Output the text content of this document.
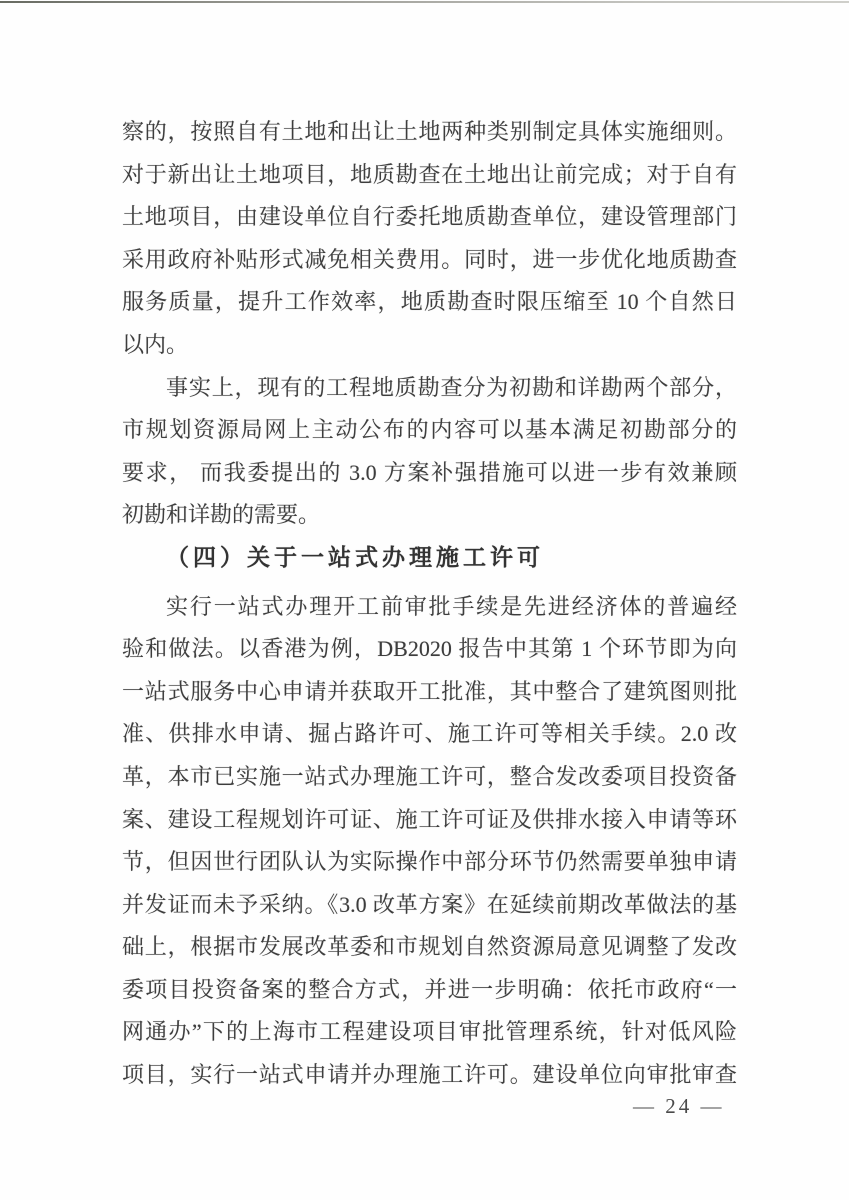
察的，按照自有土地和出让土地两种类别制定具体实施细则。
对于新出让土地项目，地质勘查在土地出让前完成；对于自有
土地项目，由建设单位自行委托地质勘查单位，建设管理部门
采用政府补贴形式减免相关费用。同时，进一步优化地质勘查
服务质量，提升工作效率，地质勘查时限压缩至 10 个自然日
以内。
事实上，现有的工程地质勘查分为初勘和详勘两个部分，
市规划资源局网上主动公布的内容可以基本满足初勘部分的
要求， 而我委提出的 3.0 方案补强措施可以进一步有效兼顾
初勘和详勘的需要。
（四）关于一站式办理施工许可
实行一站式办理开工前审批手续是先进经济体的普遍经
验和做法。以香港为例，DB2020 报告中其第 1 个环节即为向
一站式服务中心申请并获取开工批准，其中整合了建筑图则批
准、供排水申请、掘占路许可、施工许可等相关手续。2.0 改
革，本市已实施一站式办理施工许可，整合发改委项目投资备
案、建设工程规划许可证、施工许可证及供排水接入申请等环
节，但因世行团队认为实际操作中部分环节仍然需要单独申请
并发证而未予采纳。《3.0 改革方案》在延续前期改革做法的基
础上，根据市发展改革委和市规划自然资源局意见调整了发改
委项目投资备案的整合方式，并进一步明确：依托市政府“一
网通办”下的上海市工程建设项目审批管理系统，针对低风险
项目，实行一站式申请并办理施工许可。建设单位向审批审查
— 24 —
